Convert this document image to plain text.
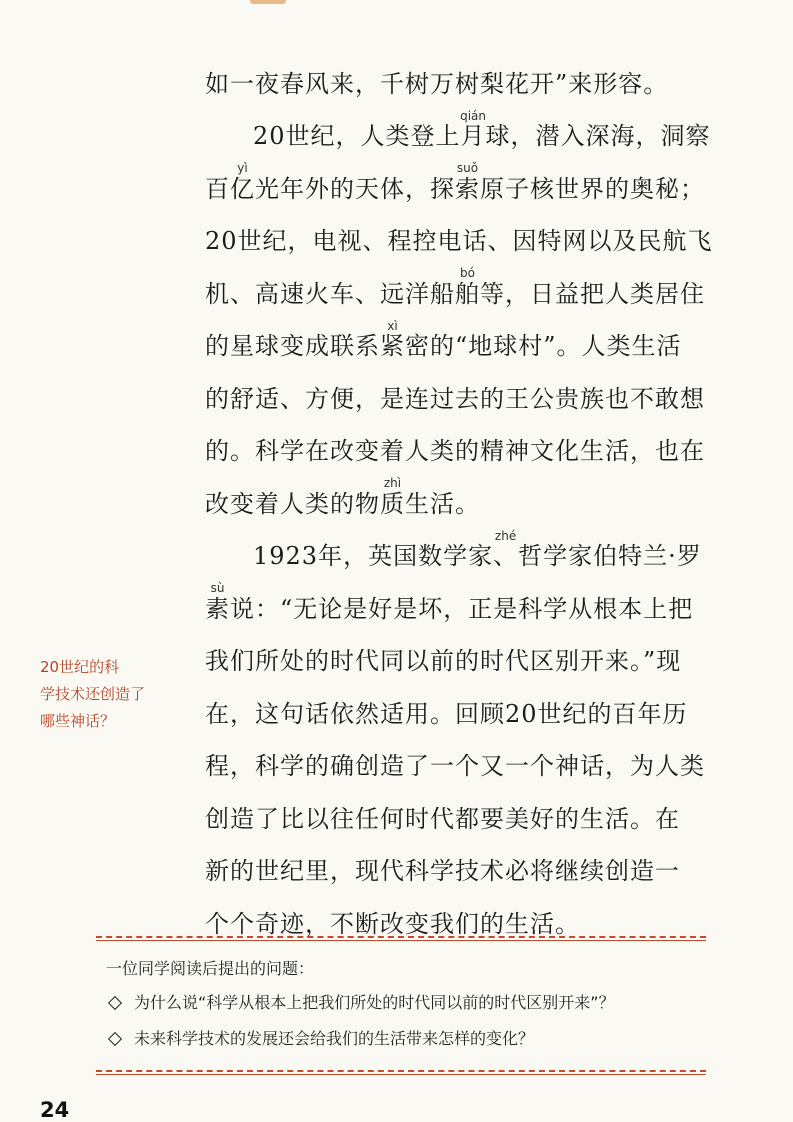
如一夜春风来，千树万树梨花开”来形容。
20世纪，人类登上月球，潜入深海，洞察
qián
百亿光年外的天体，探索原子核世界的奥秘；
yì	suǒ
20世纪，电视、程控电话、因特网以及民航飞
机、高速火车、远洋船舶等，日益把人类居住
bó
的星球变成联系紧密的“地球村”。人类生活
xì
的舒适、方便，是连过去的王公贵族也不敢想
的。科学在改变着人类的精神文化生活，也在
改变着人类的物质生活。
zhì
1923年，英国数学家、哲学家伯特兰·罗
zhé
素说：“无论是好是坏，正是科学从根本上把
sù
我们所处的时代同以前的时代区别开来。”现
在，这句话依然适用。回顾20世纪的百年历
程，科学的确创造了一个又一个神话，为人类
创造了比以往任何时代都要美好的生活。在
新的世纪里，现代科学技术必将继续创造一
个个奇迹，不断改变我们的生活。
20世纪的科
学技术还创造了
哪些神话？
一位同学阅读后提出的问题：
为什么说“科学从根本上把我们所处的时代同以前的时代区别开来”？
未来科学技术的发展还会给我们的生活带来怎样的变化？
24
